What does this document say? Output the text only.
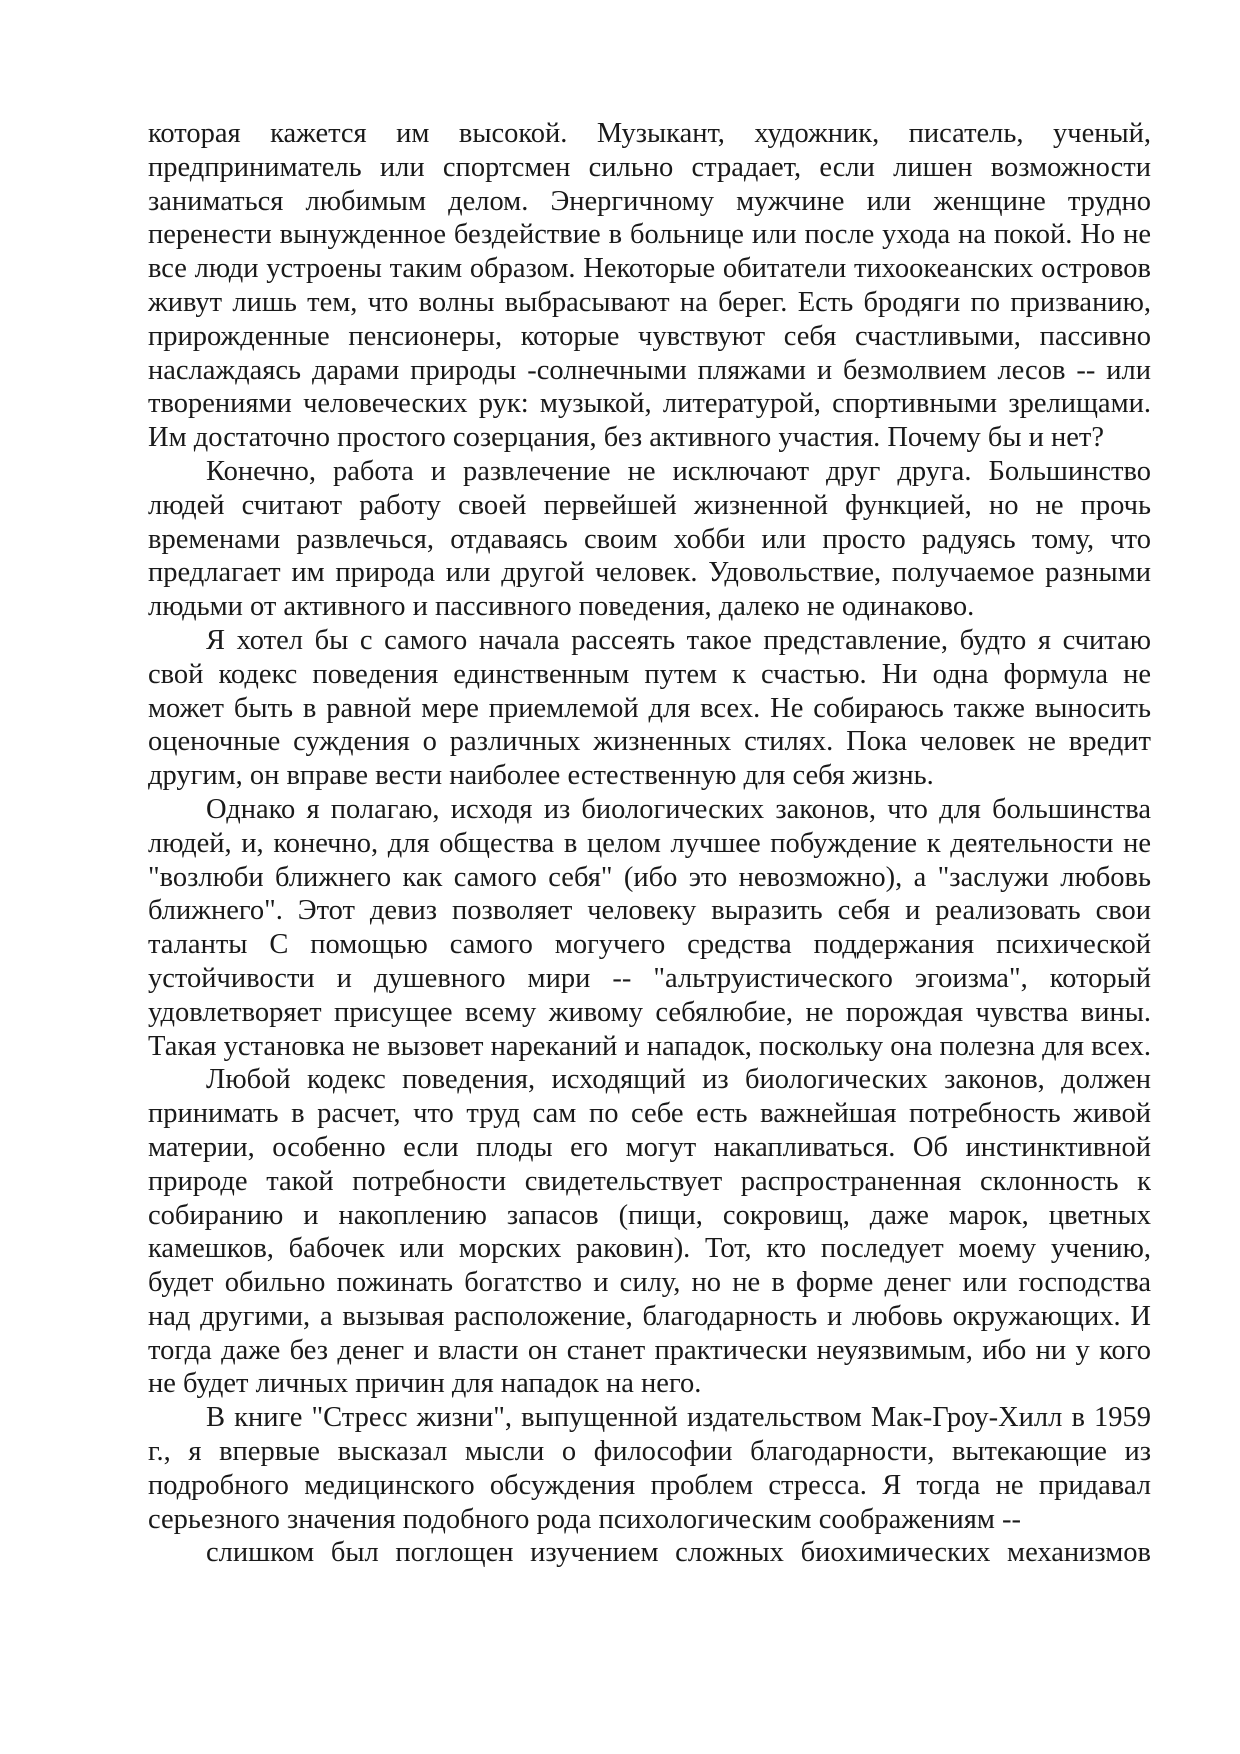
которая кажется им высокой. Музыкант, художник, писатель, ученый, предприниматель или спортсмен сильно страдает, если лишен возможности заниматься любимым делом. Энергичному мужчине или женщине трудно перенести вынужденное бездействие в больнице или после ухода на покой. Но не все люди устроены таким образом. Некоторые обитатели тихоокеанских островов живут лишь тем, что волны выбрасывают на берег. Есть бродяги по призванию, прирожденные пенсионеры, которые чувствуют себя счастливыми, пассивно наслаждаясь дарами природы -солнечными пляжами и безмолвием лесов -- или творениями человеческих рук: музыкой, литературой, спортивными зрелищами. Им достаточно простого созерцания, без активного участия. Почему бы и нет?

Конечно, работа и развлечение не исключают друг друга. Большинство людей считают работу своей первейшей жизненной функцией, но не прочь временами развлечься, отдаваясь своим хобби или просто радуясь тому, что предлагает им природа или другой человек. Удовольствие, получаемое разными людьми от активного и пассивного поведения, далеко не одинаково.

Я хотел бы с самого начала рассеять такое представление, будто я считаю свой кодекс поведения единственным путем к счастью. Ни одна формула не может быть в равной мере приемлемой для всех. Не собираюсь также выносить оценочные суждения о различных жизненных стилях. Пока человек не вредит другим, он вправе вести наиболее естественную для себя жизнь.

Однако я полагаю, исходя из биологических законов, что для большинства людей, и, конечно, для общества в целом лучшее побуждение к деятельности не "возлюби ближнего как самого себя" (ибо это невозможно), а "заслужи любовь ближнего". Этот девиз позволяет человеку выразить себя и реализовать свои таланты С помощью самого могучего средства поддержания психической устойчивости и душевного мири -- "альтруистического эгоизма", который удовлетворяет присущее всему живому себялюбие, не порождая чувства вины. Такая установка не вызовет нареканий и нападок, поскольку она полезна для всех.

Любой кодекс поведения, исходящий из биологических законов, должен принимать в расчет, что труд сам по себе есть важнейшая потребность живой материи, особенно если плоды его могут накапливаться. Об инстинктивной природе такой потребности свидетельствует распространенная склонность к собиранию и накоплению запасов (пищи, сокровищ, даже марок, цветных камешков, бабочек или морских раковин). Тот, кто последует моему учению, будет обильно пожинать богатство и силу, но не в форме денег или господства над другими, а вызывая расположение, благодарность и любовь окружающих. И тогда даже без денег и власти он станет практически неуязвимым, ибо ни у кого не будет личных причин для нападок на него.

В книге "Стресс жизни", выпущенной издательством Мак-Гроу-Хилл в 1959 г., я впервые высказал мысли о философии благодарности, вытекающие из подробного медицинского обсуждения проблем стресса. Я тогда не придавал серьезного значения подобного рода психологическим соображениям --
слишком был поглощен изучением сложных биохимических механизмов
